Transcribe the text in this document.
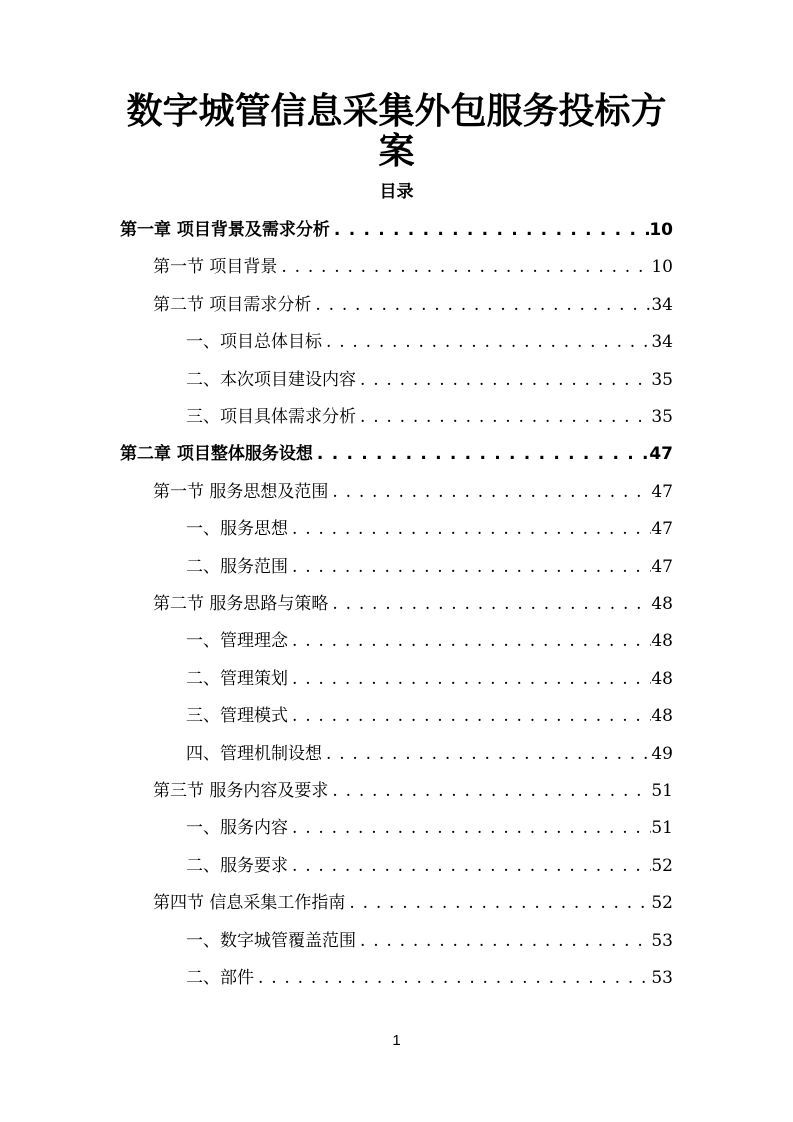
数字城管信息采集外包服务投标方
案
目录
第一章 项目背景及需求分析 . . .	10
第一节 项目背景 . . .	10
第二节 项目需求分析 . . .	34
一、项目总体目标 . . .	34
二、本次项目建设内容 . . .	35
三、项目具体需求分析 . . .	35
第二章 项目整体服务设想 . . .	47
第一节 服务思想及范围 . . .	47
一、服务思想 . . .	47
二、服务范围 . . .	47
第二节 服务思路与策略 . . .	48
一、管理理念 . . .	48
二、管理策划 . . .	48
三、管理模式 . . .	48
四、管理机制设想 . . .	49
第三节 服务内容及要求 . . .	51
一、服务内容 . . .	51
二、服务要求 . . .	52
第四节 信息采集工作指南 . . .	52
一、数字城管覆盖范围 . . .	53
二、部件 . . .	53
1
